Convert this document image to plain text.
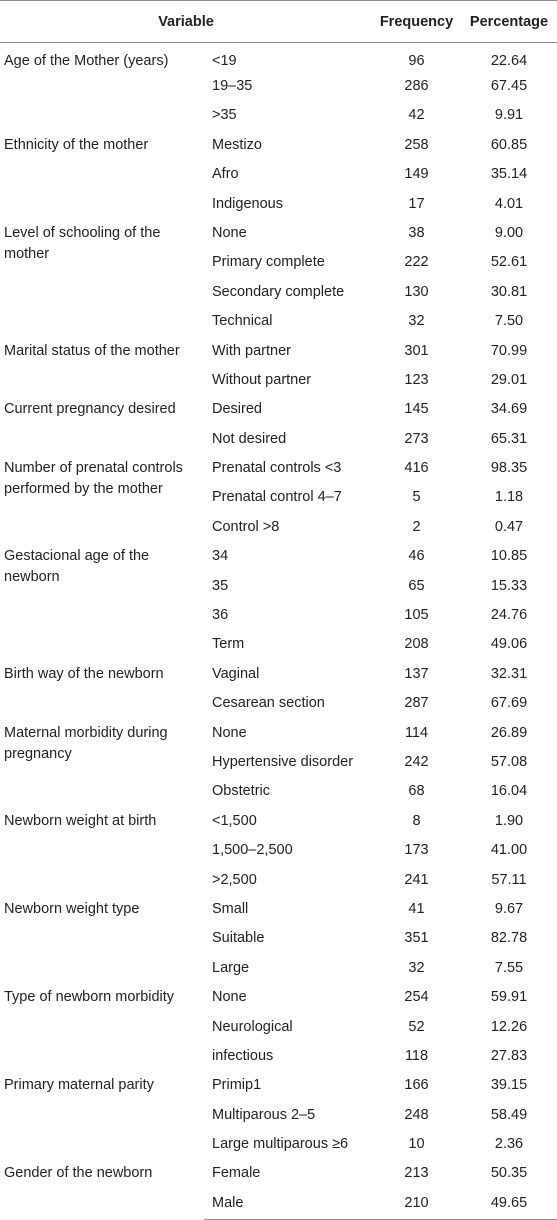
Variable		Frequency	Percentage
Age of the Mother (years)	<19	96	22.64
	19–35	286	67.45
	>35	42	9.91
Ethnicity of the mother	Mestizo	258	60.85
	Afro	149	35.14
	Indigenous	17	4.01
Level of schooling of the mother	None	38	9.00
	Primary complete	222	52.61
	Secondary complete	130	30.81
	Technical	32	7.50
Marital status of the mother	With partner	301	70.99
	Without partner	123	29.01
Current pregnancy desired	Desired	145	34.69
	Not desired	273	65.31
Number of prenatal controls performed by the mother	Prenatal controls <3	416	98.35
	Prenatal control 4–7	5	1.18
	Control >8	2	0.47
Gestacional age of the newborn	34	46	10.85
	35	65	15.33
	36	105	24.76
	Term	208	49.06
Birth way of the newborn	Vaginal	137	32.31
	Cesarean section	287	67.69
Maternal morbidity during pregnancy	None	114	26.89
	Hypertensive disorder	242	57.08
	Obstetric	68	16.04
Newborn weight at birth	<1,500	8	1.90
	1,500–2,500	173	41.00
	>2,500	241	57.11
Newborn weight type	Small	41	9.67
	Suitable	351	82.78
	Large	32	7.55
Type of newborn morbidity	None	254	59.91
	Neurological	52	12.26
	infectious	118	27.83
Primary maternal parity	Primip1	166	39.15
	Multiparous 2–5	248	58.49
	Large multiparous ≥6	10	2.36
Gender of the newborn	Female	213	50.35
	Male	210	49.65
